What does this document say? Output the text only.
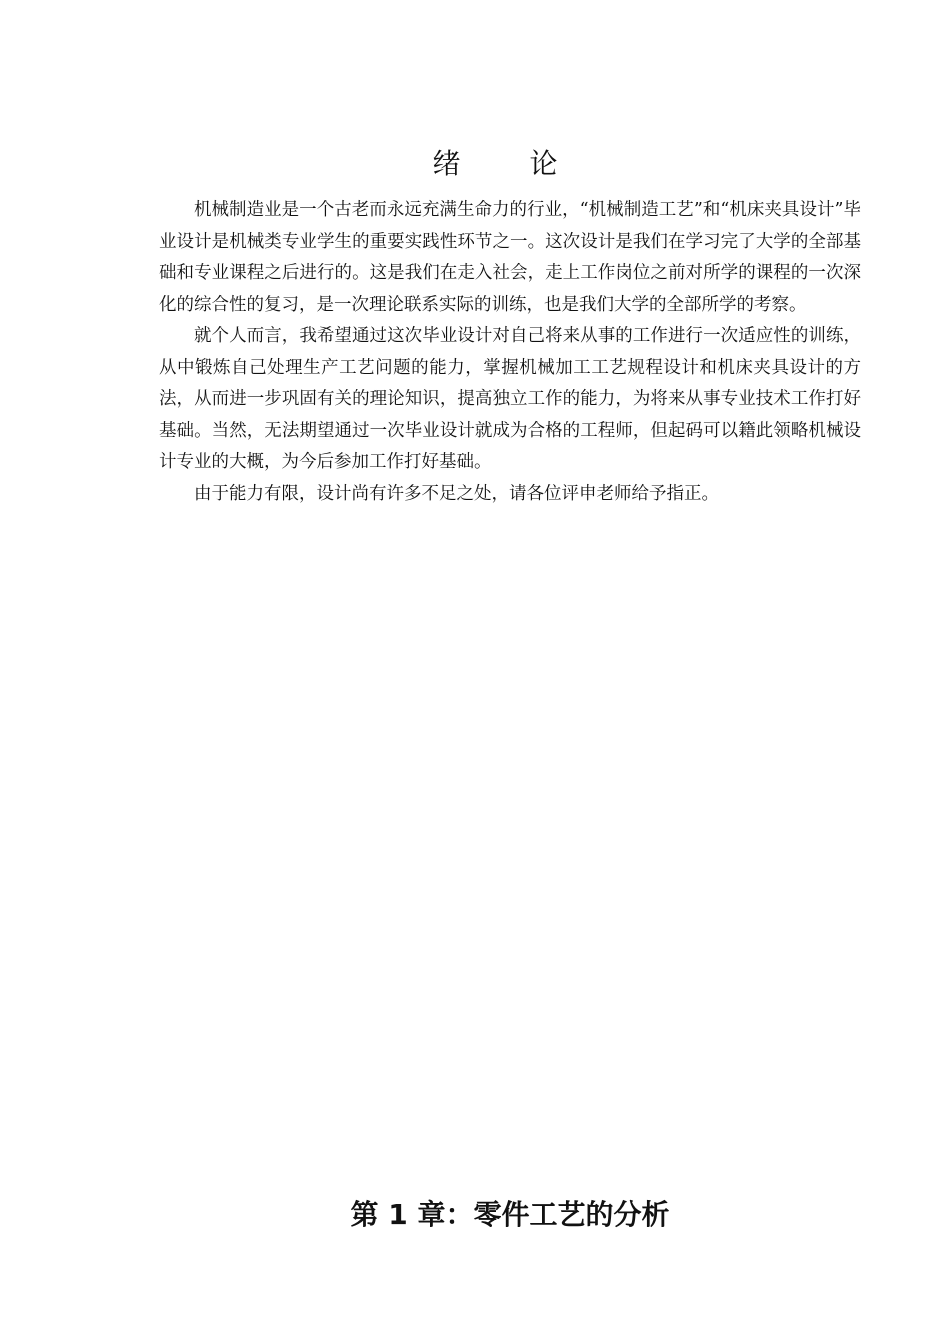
绪 论

机械制造业是一个古老而永远充满生命力的行业，“机械制造工艺”和“机床夹具设计”毕业设计是机械类专业学生的重要实践性环节之一。这次设计是我们在学习完了大学的全部基础和专业课程之后进行的。这是我们在走入社会，走上工作岗位之前对所学的课程的一次深化的综合性的复习，是一次理论联系实际的训练，也是我们大学的全部所学的考察。

就个人而言，我希望通过这次毕业设计对自己将来从事的工作进行一次适应性的训练，从中锻炼自己处理生产工艺问题的能力，掌握机械加工工艺规程设计和机床夹具设计的方法，从而进一步巩固有关的理论知识，提高独立工作的能力，为将来从事专业技术工作打好基础。当然，无法期望通过一次毕业设计就成为合格的工程师，但起码可以籍此领略机械设计专业的大概，为今后参加工作打好基础。

由于能力有限，设计尚有许多不足之处，请各位评申老师给予指正。

第 1 章：零件工艺的分析
